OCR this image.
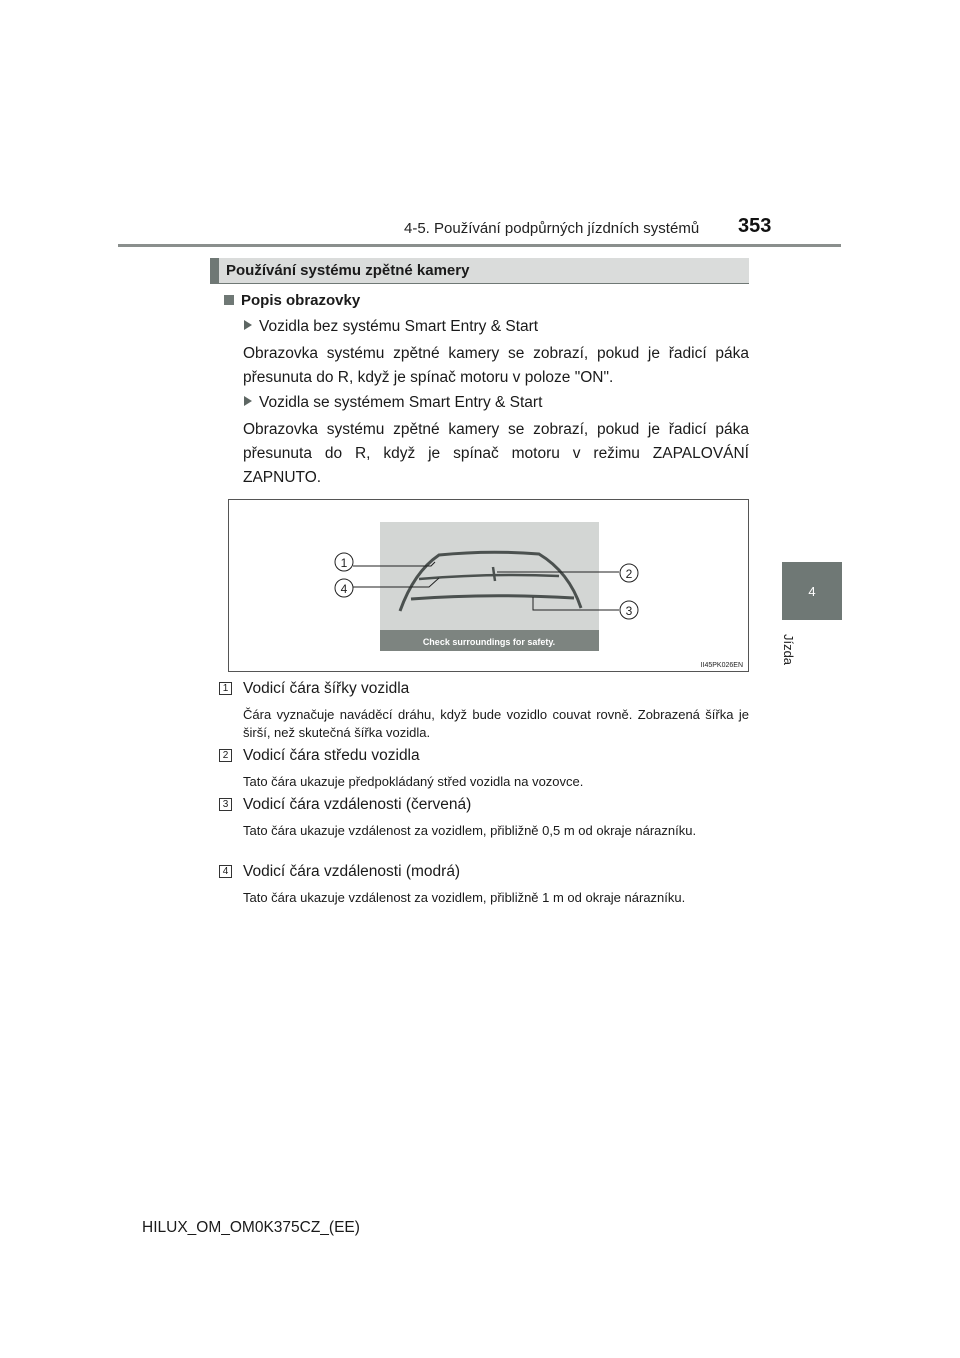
4-5. Používání podpůrných jízdních systémů 353
4
Jízda
Používání systému zpětné kamery
Popis obrazovky
Vozidla bez systému Smart Entry & Start
Obrazovka systému zpětné kamery se zobrazí, pokud je řadicí páka přesunuta do R, když je spínač motoru v poloze "ON".
Vozidla se systémem Smart Entry & Start
Obrazovka systému zpětné kamery se zobrazí, pokud je řadicí páka přesunuta do R, když je spínač motoru v režimu ZAPALOVÁNÍ ZAPNUTO.
Check surroundings for safety.
1
4
2
3
II45PK026EN
1 Vodicí čára šířky vozidla
Čára vyznačuje naváděcí dráhu, když bude vozidlo couvat rovně. Zobrazená šířka je širší, než skutečná šířka vozidla.
2 Vodicí čára středu vozidla
Tato čára ukazuje předpokládaný střed vozidla na vozovce.
3 Vodicí čára vzdálenosti (červená)
Tato čára ukazuje vzdálenost za vozidlem, přibližně 0,5 m od okraje nárazníku.
4 Vodicí čára vzdálenosti (modrá)
Tato čára ukazuje vzdálenost za vozidlem, přibližně 1 m od okraje nárazníku.
HILUX_OM_OM0K375CZ_(EE)
